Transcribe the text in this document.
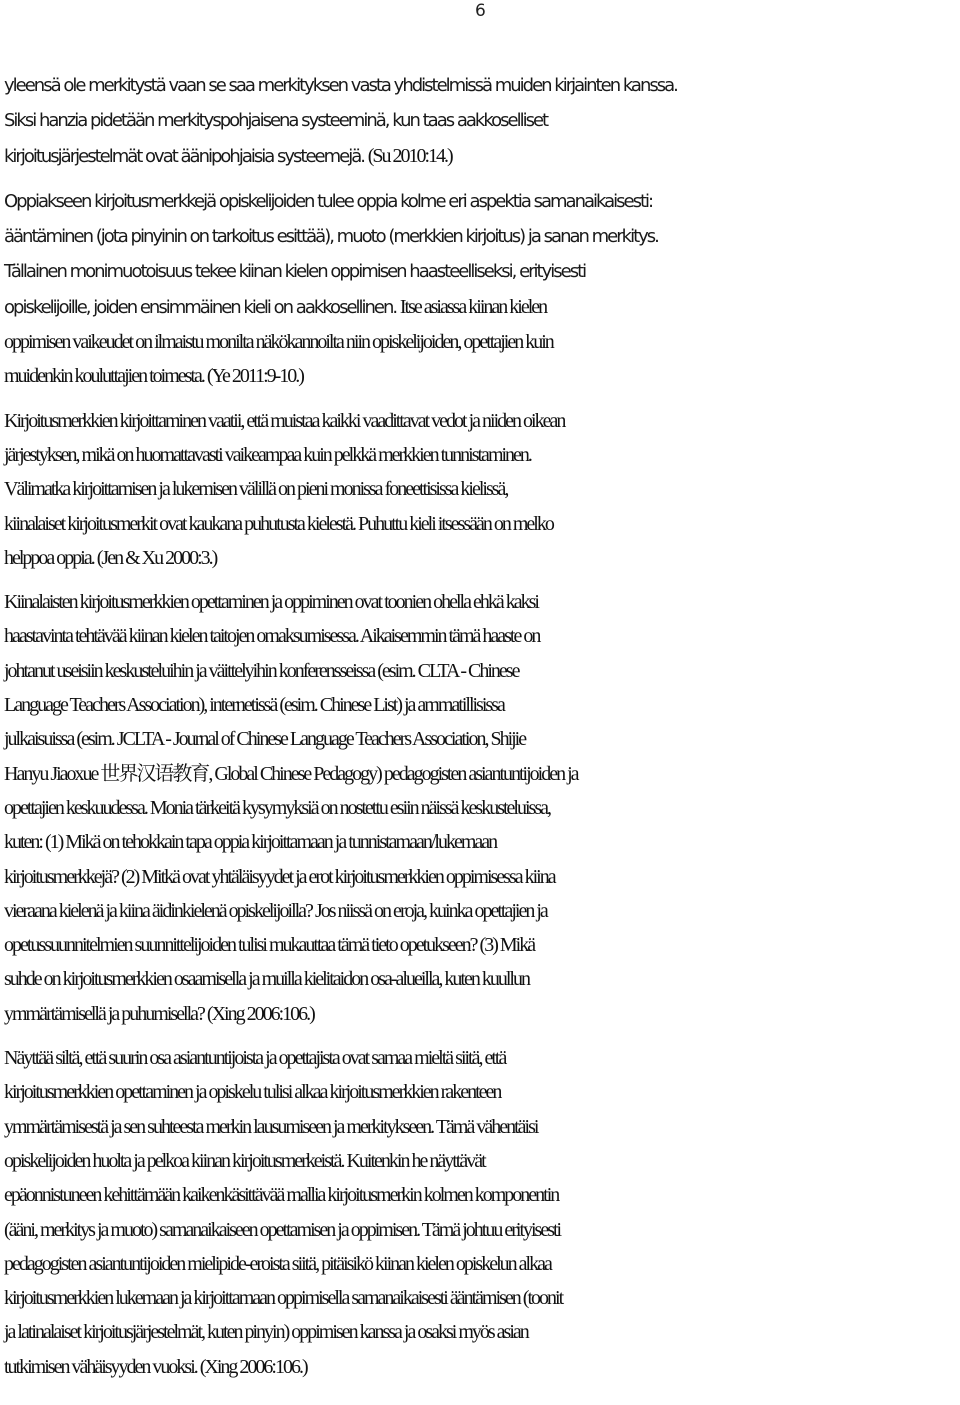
6

yleensä ole merkitystä vaan se saa merkityksen vasta yhdistelmissä muiden kirjainten kanssa.
Siksi hanzia pidetään merkityspohjaisena systeeminä, kun taas aakkoselliset
kirjoitusjärjestelmät ovat äänipohjaisia systeemejä. (Su 2010:14.)

Oppiakseen kirjoitusmerkkejä opiskelijoiden tulee oppia kolme eri aspektia samanaikaisesti:
ääntäminen (jota pinyinin on tarkoitus esittää), muoto (merkkien kirjoitus) ja sanan merkitys.
Tällainen monimuotoisuus tekee kiinan kielen oppimisen haasteelliseksi, erityisesti
opiskelijoille, joiden ensimmäinen kieli on aakkosellinen. Itse asiassa kiinan kielen
oppimisen vaikeudet on ilmaistu monilta näkökannoilta niin opiskelijoiden, opettajien kuin
muidenkin kouluttajien toimesta. (Ye 2011:9-10.)

Kirjoitusmerkkien kirjoittaminen vaatii, että muistaa kaikki vaadittavat vedot ja niiden oikean
järjestyksen, mikä on huomattavasti vaikeampaa kuin pelkkä merkkien tunnistaminen.
Välimatka kirjoittamisen ja lukemisen välillä on pieni monissa foneettisissa kielissä,
kiinalaiset kirjoitusmerkit ovat kaukana puhutusta kielestä. Puhuttu kieli itsessään on melko
helppoa oppia. (Jen & Xu 2000:3.)

Kiinalaisten kirjoitusmerkkien opettaminen ja oppiminen ovat toonien ohella ehkä kaksi
haastavinta tehtävää kiinan kielen taitojen omaksumisessa. Aikaisemmin tämä haaste on
johtanut useisiin keskusteluihin ja väittelyihin konferensseissa (esim. CLTA - Chinese
Language Teachers Association), internetissä (esim. Chinese List) ja ammatillisissa
julkaisuissa (esim. JCLTA - Journal of Chinese Language Teachers Association, Shijie
Hanyu Jiaoxue 世界汉语教育, Global Chinese Pedagogy) pedagogisten asiantuntijoiden ja
opettajien keskuudessa. Monia tärkeitä kysymyksiä on nostettu esiin näissä keskusteluissa,
kuten: (1) Mikä on tehokkain tapa oppia kirjoittamaan ja tunnistamaan/lukemaan
kirjoitusmerkkejä? (2) Mitkä ovat yhtäläisyydet ja erot kirjoitusmerkkien oppimisessa kiina
vieraana kielenä ja kiina äidinkielenä opiskelijoilla? Jos niissä on eroja, kuinka opettajien ja
opetussuunnitelmien suunnittelijoiden tulisi mukauttaa tämä tieto opetukseen? (3) Mikä
suhde on kirjoitusmerkkien osaamisella ja muilla kielitaidon osa-alueilla, kuten kuullun
ymmärtämisellä ja puhumisella? (Xing 2006:106.)

Näyttää siltä, että suurin osa asiantuntijoista ja opettajista ovat samaa mieltä siitä, että
kirjoitusmerkkien opettaminen ja opiskelu tulisi alkaa kirjoitusmerkkien rakenteen
ymmärtämisestä ja sen suhteesta merkin lausumiseen ja merkitykseen. Tämä vähentäisi
opiskelijoiden huolta ja pelkoa kiinan kirjoitusmerkeistä. Kuitenkin he näyttävät
epäonnistuneen kehittämään kaikenkäsittävää mallia kirjoitusmerkin kolmen komponentin
(ääni, merkitys ja muoto) samanaikaiseen opettamisen ja oppimisen. Tämä johtuu erityisesti
pedagogisten asiantuntijoiden mielipide-eroista siitä, pitäisikö kiinan kielen opiskelun alkaa
kirjoitusmerkkien lukemaan ja kirjoittamaan oppimisella samanaikaisesti ääntämisen (toonit
ja latinalaiset kirjoitusjärjestelmät, kuten pinyin) oppimisen kanssa ja osaksi myös asian
tutkimisen vähäisyyden vuoksi. (Xing 2006:106.)
